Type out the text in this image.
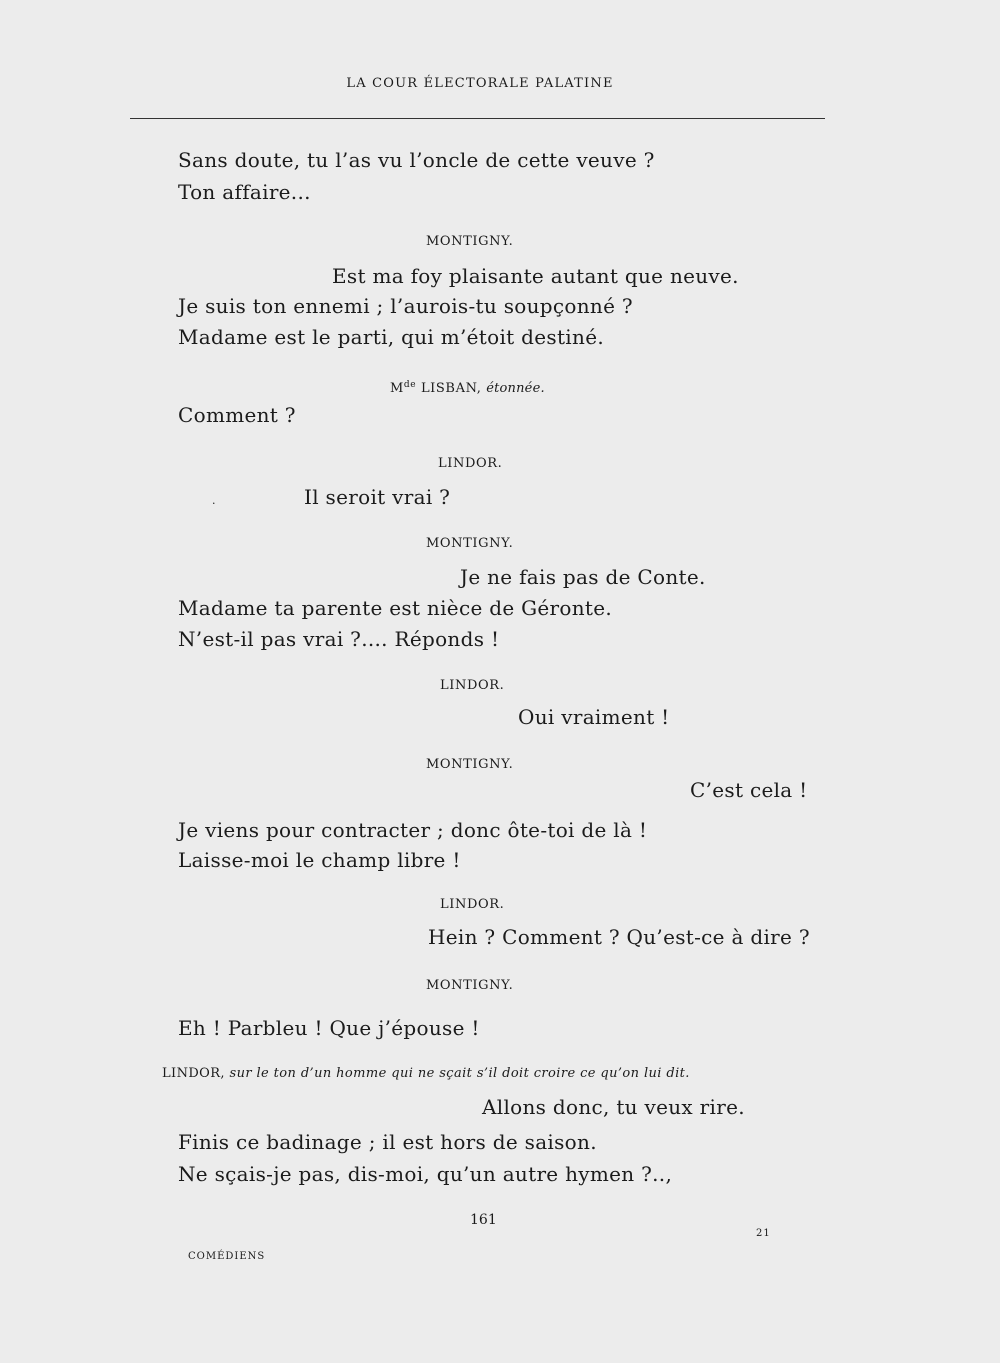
LA COUR ÉLECTORALE PALATINE
Sans doute, tu l’as vu l’oncle de cette veuve ?
Ton affaire...
MONTIGNY.
Est ma foy plaisante autant que neuve.
Je suis ton ennemi ; l’aurois-tu soupçonné ?
Madame est le parti, qui m’étoit destiné.
Mde LISBAN, étonnée.
Comment ?
LINDOR.
.	Il seroit vrai ?
MONTIGNY.
Je ne fais pas de Conte.
Madame ta parente est nièce de Géronte.
N’est-il pas vrai ?.... Réponds !
LINDOR.
Oui vraiment !
MONTIGNY.
C’est cela !
Je viens pour contracter ; donc ôte-toi de là !
Laisse-moi le champ libre !
LINDOR.
Hein ? Comment ? Qu’est-ce à dire ?
MONTIGNY.
Eh ! Parbleu ! Que j’épouse !
LINDOR, sur le ton d’un homme qui ne sçait s’il doit croire ce qu’on lui dit.
Allons donc, tu veux rire.
Finis ce badinage ; il est hors de saison.
Ne sçais-je pas, dis-moi, qu’un autre hymen ?..,
161
21
COMÉDIENS
